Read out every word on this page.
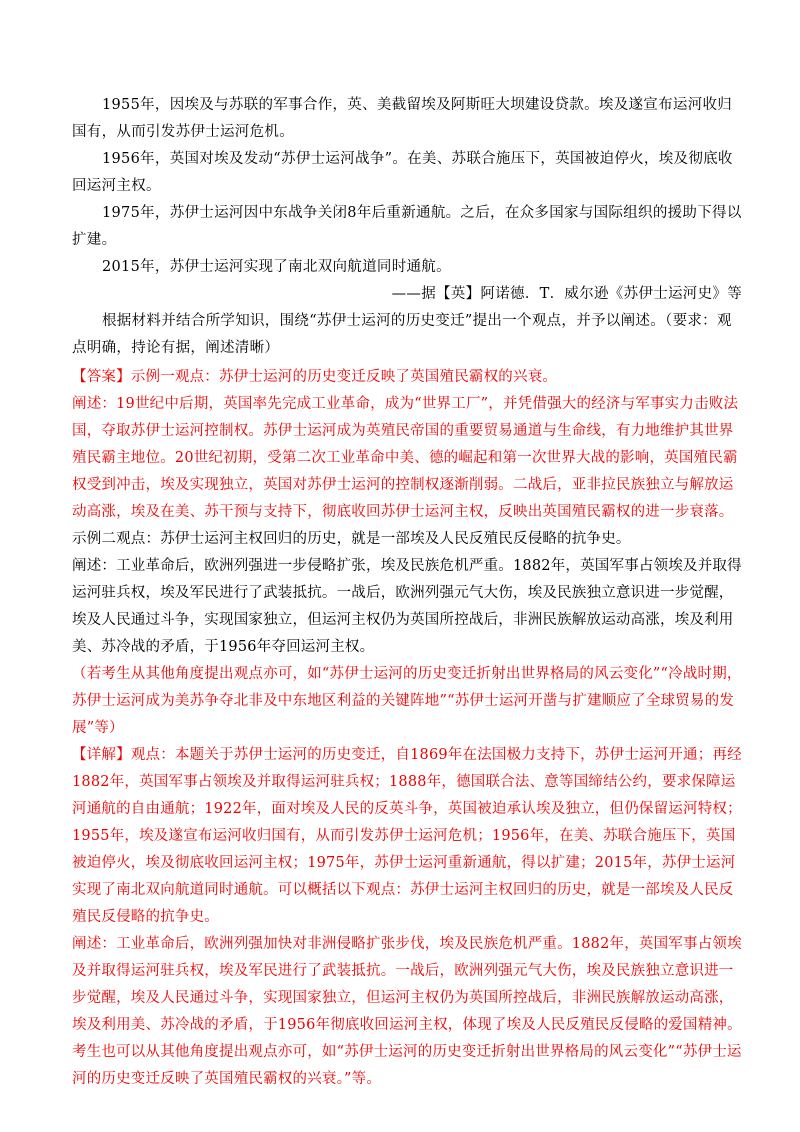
1955年，因埃及与苏联的军事合作，英、美截留埃及阿斯旺大坝建设贷款。埃及遂宣布运河收归国有，从而引发苏伊士运河危机。

1956年，英国对埃及发动“苏伊士运河战争”。在美、苏联合施压下，英国被迫停火，埃及彻底收回运河主权。

1975年，苏伊士运河因中东战争关闭8年后重新通航。之后，在众多国家与国际组织的援助下得以扩建。

2015年，苏伊士运河实现了南北双向航道同时通航。

——据【英】阿诺德．T．威尔逊《苏伊士运河史》等

根据材料并结合所学知识，围绕“苏伊士运河的历史变迁”提出一个观点，并予以阐述。（要求：观点明确，持论有据，阐述清晰）

【答案】示例一观点：苏伊士运河的历史变迁反映了英国殖民霸权的兴衰。

阐述：19世纪中后期，英国率先完成工业革命，成为“世界工厂”，并凭借强大的经济与军事实力击败法国，夺取苏伊士运河控制权。苏伊士运河成为英殖民帝国的重要贸易通道与生命线，有力地维护其世界殖民霸主地位。20世纪初期，受第二次工业革命中美、德的崛起和第一次世界大战的影响，英国殖民霸权受到冲击，埃及实现独立，英国对苏伊士运河的控制权逐渐削弱。二战后，亚非拉民族独立与解放运动高涨，埃及在美、苏干预与支持下，彻底收回苏伊士运河主权，反映出英国殖民霸权的进一步衰落。

示例二观点：苏伊士运河主权回归的历史，就是一部埃及人民反殖民反侵略的抗争史。

阐述：工业革命后，欧洲列强进一步侵略扩张，埃及民族危机严重。1882年，英国军事占领埃及并取得运河驻兵权，埃及军民进行了武装抵抗。一战后，欧洲列强元气大伤，埃及民族独立意识进一步觉醒，埃及人民通过斗争，实现国家独立，但运河主权仍为英国所控战后，非洲民族解放运动高涨，埃及利用美、苏冷战的矛盾，于1956年夺回运河主权。

（若考生从其他角度提出观点亦可，如“苏伊士运河的历史变迁折射出世界格局的风云变化”“冷战时期，苏伊士运河成为美苏争夺北非及中东地区利益的关键阵地”“苏伊士运河开凿与扩建顺应了全球贸易的发展”等）

【详解】观点：本题关于苏伊士运河的历史变迁，自1869年在法国极力支持下，苏伊士运河开通；再经1882年，英国军事占领埃及并取得运河驻兵权；1888年，德国联合法、意等国缔结公约，要求保障运河通航的自由通航；1922年，面对埃及人民的反英斗争，英国被迫承认埃及独立，但仍保留运河特权；1955年，埃及遂宣布运河收归国有，从而引发苏伊士运河危机；1956年，在美、苏联合施压下，英国被迫停火，埃及彻底收回运河主权；1975年，苏伊士运河重新通航，得以扩建；2015年，苏伊士运河实现了南北双向航道同时通航。可以概括以下观点：苏伊士运河主权回归的历史，就是一部埃及人民反殖民反侵略的抗争史。

阐述：工业革命后，欧洲列强加快对非洲侵略扩张步伐，埃及民族危机严重。1882年，英国军事占领埃及并取得运河驻兵权，埃及军民进行了武装抵抗。一战后，欧洲列强元气大伤，埃及民族独立意识进一步觉醒，埃及人民通过斗争，实现国家独立，但运河主权仍为英国所控战后，非洲民族解放运动高涨，埃及利用美、苏冷战的矛盾，于1956年彻底收回运河主权，体现了埃及人民反殖民反侵略的爱国精神。考生也可以从其他角度提出观点亦可，如“苏伊士运河的历史变迁折射出世界格局的风云变化”“苏伊士运河的历史变迁反映了英国殖民霸权的兴衰。”等。
